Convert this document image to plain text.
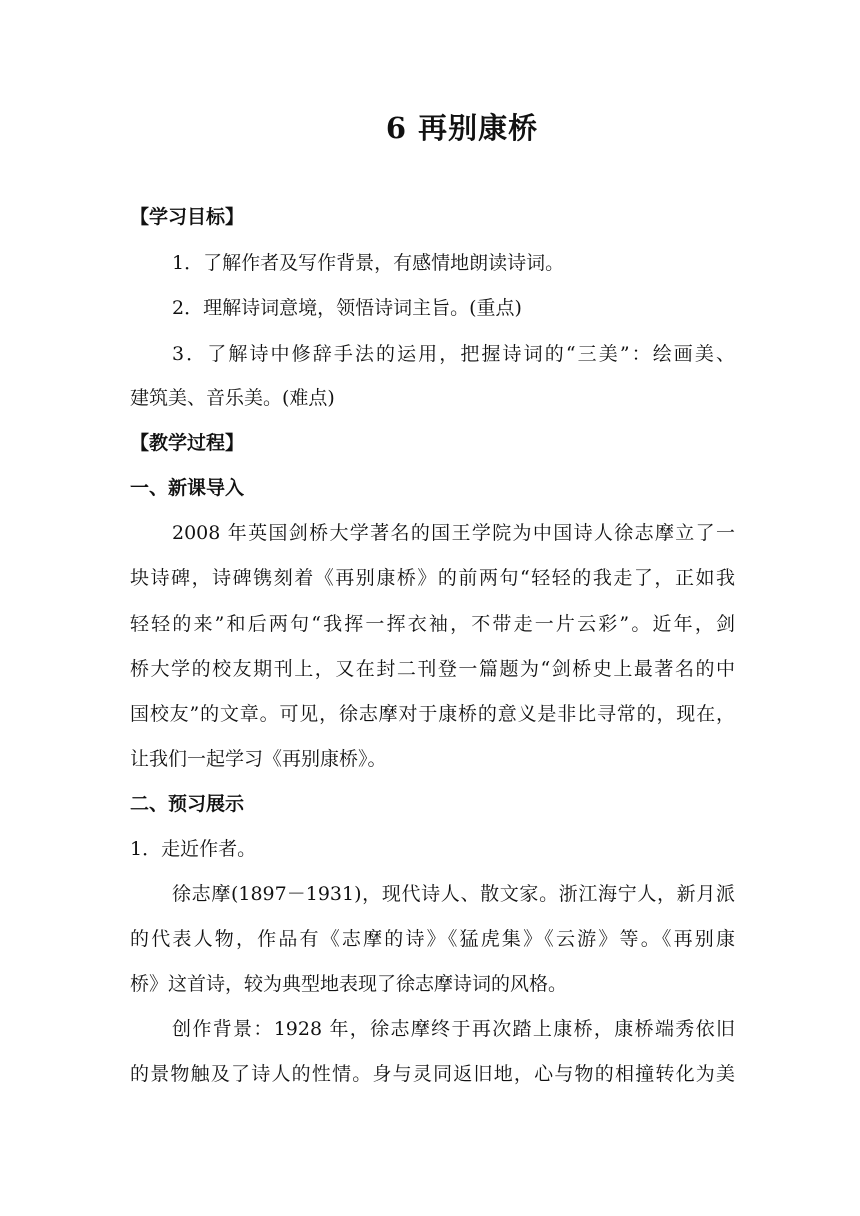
6 再别康桥
【学习目标】
1．了解作者及写作背景，有感情地朗读诗词。
2．理解诗词意境，领悟诗词主旨。(重点)
3．了解诗中修辞手法的运用，把握诗词的“三美”：绘画美、
建筑美、音乐美。(难点)
【教学过程】
一、新课导入
2008 年英国剑桥大学著名的国王学院为中国诗人徐志摩立了一
块诗碑，诗碑镌刻着《再别康桥》的前两句“轻轻的我走了，正如我
轻轻的来”和后两句“我挥一挥衣袖，不带走一片云彩”。近年，剑
桥大学的校友期刊上，又在封二刊登一篇题为“剑桥史上最著名的中
国校友”的文章。可见，徐志摩对于康桥的意义是非比寻常的，现在，
让我们一起学习《再别康桥》。
二、预习展示
1．走近作者。
徐志摩(1897－1931)，现代诗人、散文家。浙江海宁人，新月派
的代表人物，作品有《志摩的诗》《猛虎集》《云游》等。《再别康
桥》这首诗，较为典型地表现了徐志摩诗词的风格。
创作背景：1928 年，徐志摩终于再次踏上康桥，康桥端秀依旧
的景物触及了诗人的性情。身与灵同返旧地，心与物的相撞转化为美
